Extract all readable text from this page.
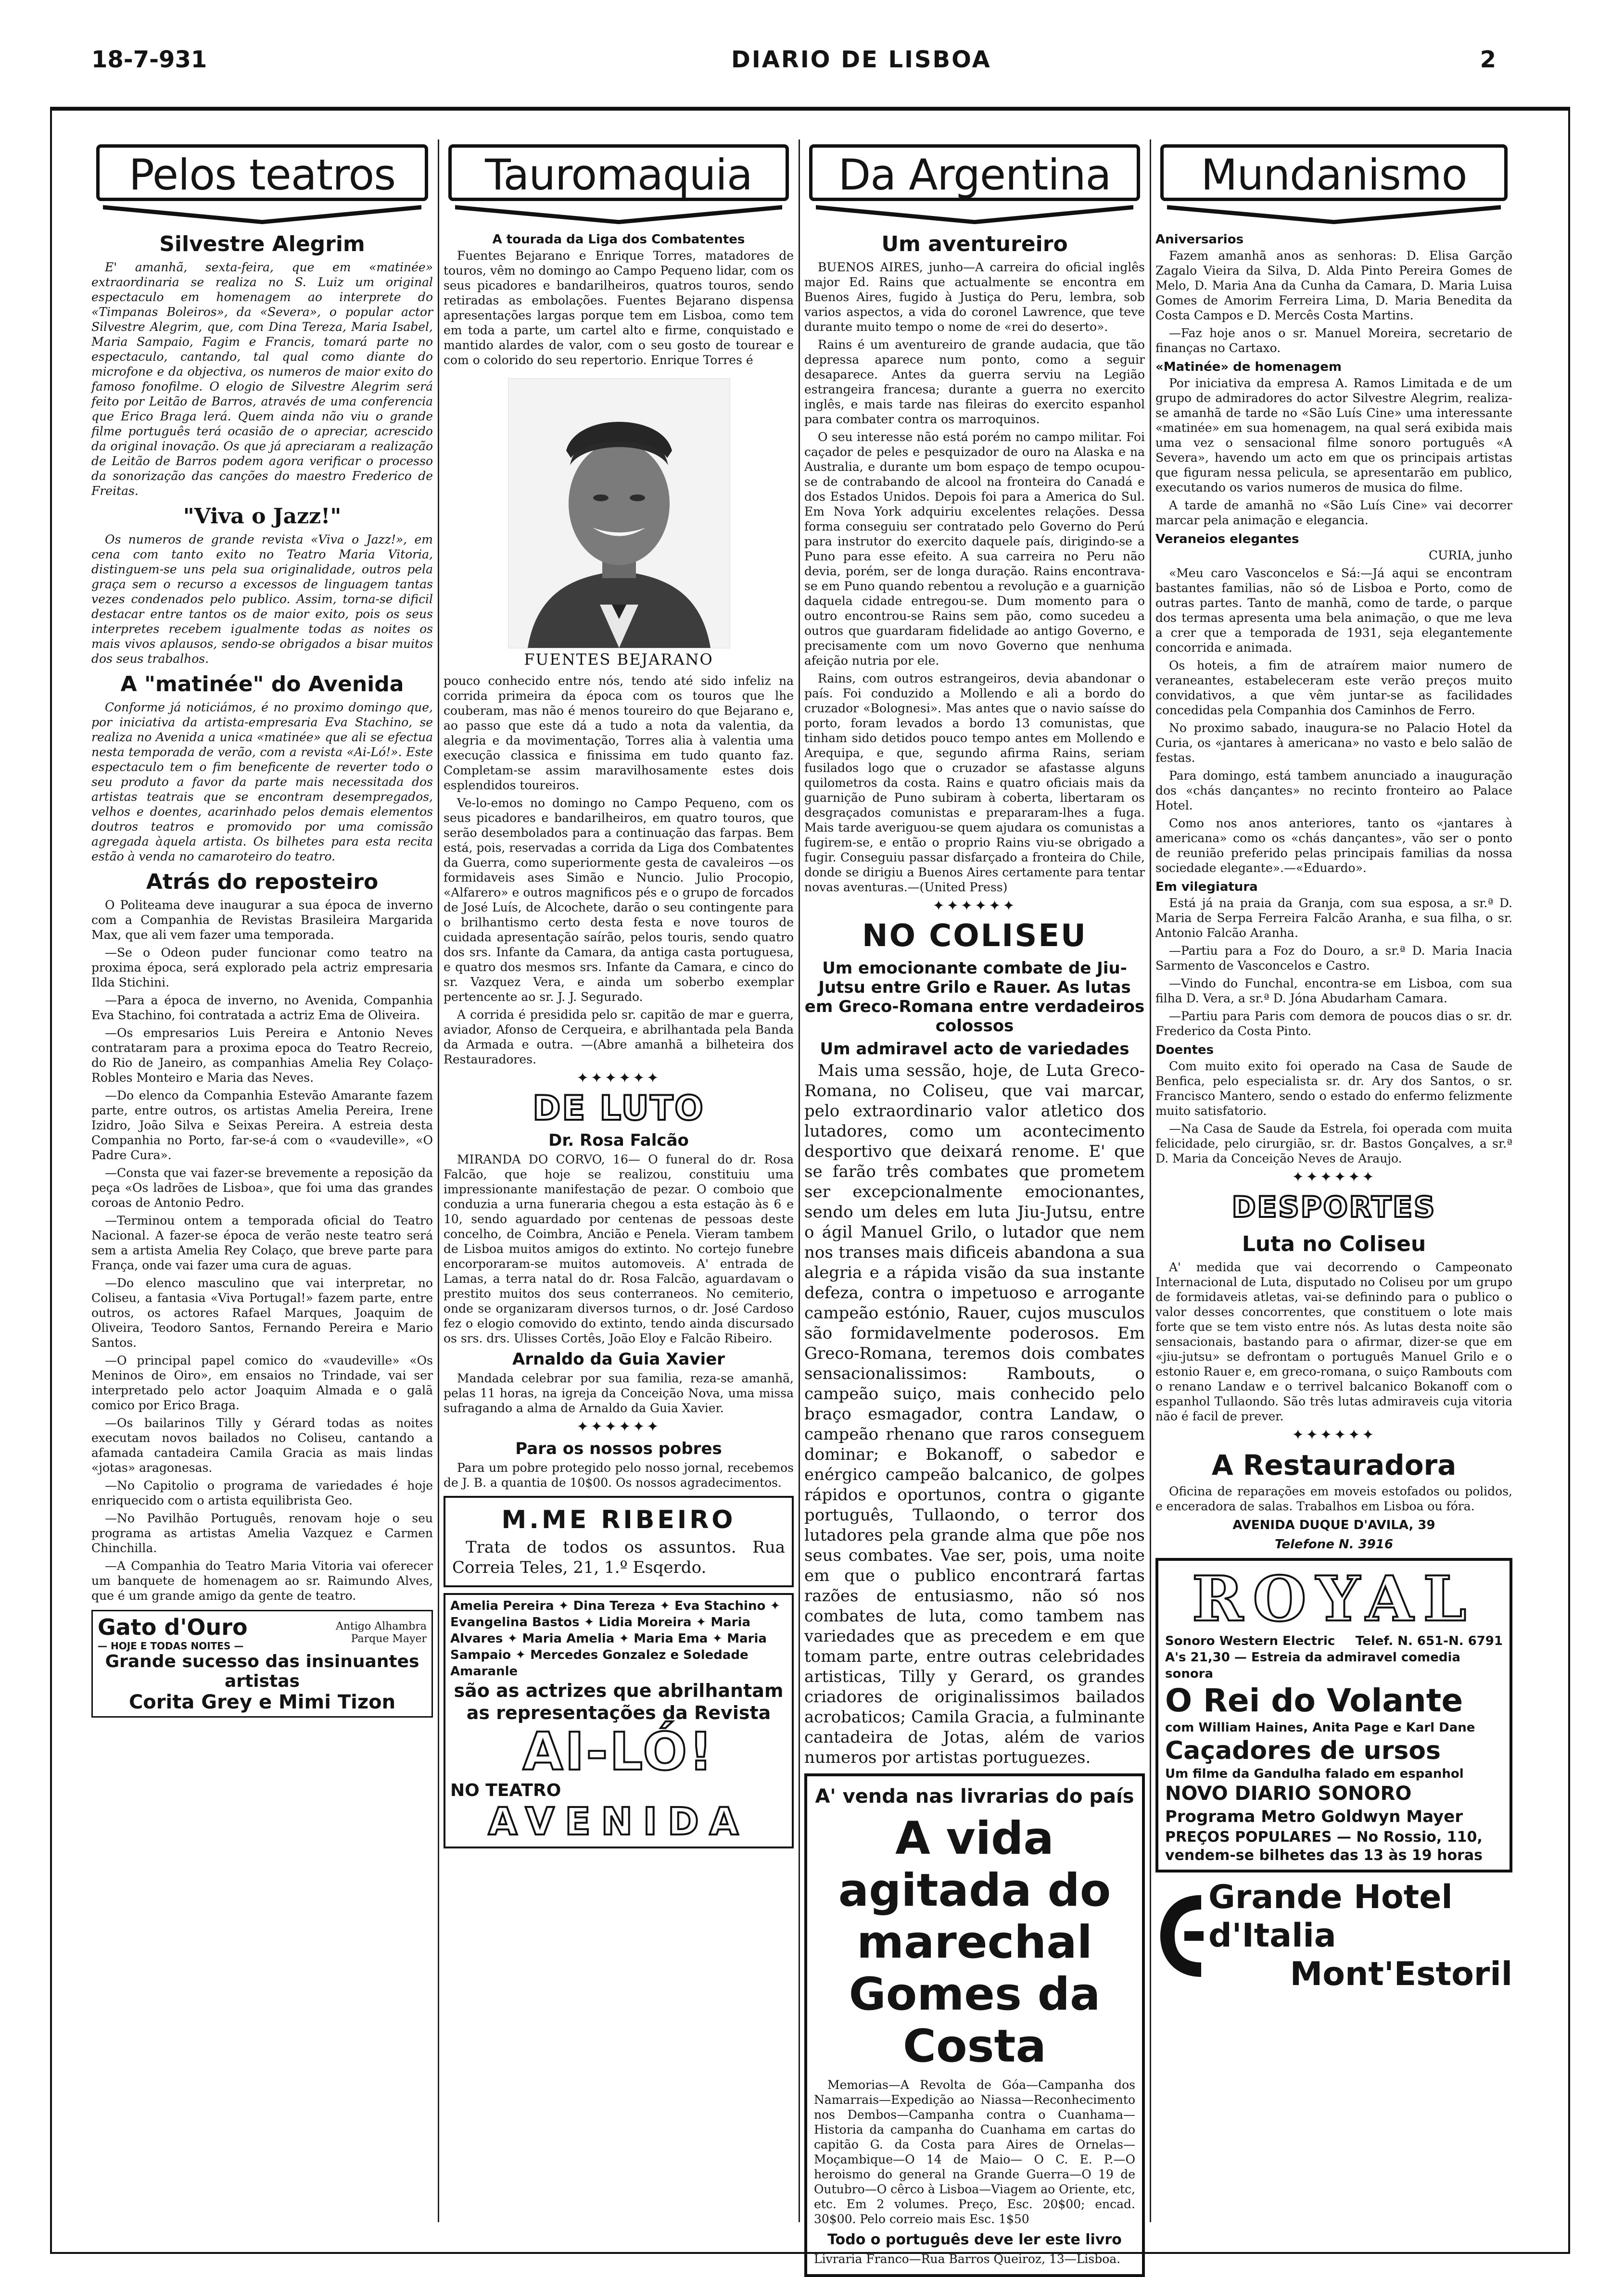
18-7-931	DIARIO DE LISBOA	2
Pelos teatros
Silvestre Alegrim

E' amanhã, sexta-feira, que em «matinée» extraordinaria se realiza no S. Luiz um original espectaculo em homenagem ao interprete do «Timpanas Boleiros», da «Severa», o popular actor Silvestre Alegrim, que, com Dina Tereza, Maria Isabel, Maria Sampaio, Fagim e Francis, tomará parte no espectaculo, cantando, tal qual como diante do microfone e da objectiva, os numeros de maior exito do famoso fonofilme. O elogio de Silvestre Alegrim será feito por Leitão de Barros, através de uma conferencia que Erico Braga lerá. Quem ainda não viu o grande filme português terá ocasião de o apreciar, acrescido da original inovação. Os que já apreciaram a realização de Leitão de Barros podem agora verificar o processo da sonorização das canções do maestro Frederico de Freitas.

"Viva o Jazz!"

Os numeros de grande revista «Viva o Jazz!», em cena com tanto exito no Teatro Maria Vitoria, distinguem-se uns pela sua originalidade, outros pela graça sem o recurso a excessos de linguagem tantas vezes condenados pelo publico. Assim, torna-se dificil destacar entre tantos os de maior exito, pois os seus interpretes recebem igualmente todas as noites os mais vivos aplausos, sendo-se obrigados a bisar muitos dos seus trabalhos.

A "matinée" do Avenida

Conforme já noticiámos, é no proximo domingo que, por iniciativa da artista-empresaria Eva Stachino, se realiza no Avenida a unica «matinée» que ali se efectua nesta temporada de verão, com a revista «Ai-Ló!». Este espectaculo tem o fim beneficente de reverter todo o seu produto a favor da parte mais necessitada dos artistas teatrais que se encontram desempregados, velhos e doentes, acarinhado pelos demais elementos doutros teatros e promovido por uma comissão agregada àquela artista. Os bilhetes para esta recita estão à venda no camaroteiro do teatro.

Atrás do reposteiro

O Politeama deve inaugurar a sua época de inverno com a Companhia de Revistas Brasileira Margarida Max, que ali vem fazer uma temporada.

—Se o Odeon puder funcionar como teatro na proxima época, será explorado pela actriz empresaria Ilda Stichini.

—Para a época de inverno, no Avenida, Companhia Eva Stachino, foi contratada a actriz Ema de Oliveira.

—Os empresarios Luis Pereira e Antonio Neves contrataram para a proxima epoca do Teatro Recreio, do Rio de Janeiro, as companhias Amelia Rey Colaço-Robles Monteiro e Maria das Neves.

—Do elenco da Companhia Estevão Amarante fazem parte, entre outros, os artistas Amelia Pereira, Irene Izidro, João Silva e Seixas Pereira. A estreia desta Companhia no Porto, far-se-á com o «vaudeville», «O Padre Cura».

—Consta que vai fazer-se brevemente a reposição da peça «Os ladrões de Lisboa», que foi uma das grandes coroas de Antonio Pedro.

—Terminou ontem a temporada oficial do Teatro Nacional. A fazer-se época de verão neste teatro será sem a artista Amelia Rey Colaço, que breve parte para França, onde vai fazer uma cura de aguas.

—Do elenco masculino que vai interpretar, no Coliseu, a fantasia «Viva Portugal!» fazem parte, entre outros, os actores Rafael Marques, Joaquim de Oliveira, Teodoro Santos, Fernando Pereira e Mario Santos.

—O principal papel comico do «vaudeville» «Os Meninos de Oiro», em ensaios no Trindade, vai ser interpretado pelo actor Joaquim Almada e o galã comico por Erico Braga.

—Os bailarinos Tilly y Gérard todas as noites executam novos bailados no Coliseu, cantando a afamada cantadeira Camila Gracia as mais lindas «jotas» aragonesas.

—No Capitolio o programa de variedades é hoje enriquecido com o artista equilibrista Geo.

—No Pavilhão Português, renovam hoje o seu programa as artistas Amelia Vazquez e Carmen Chinchilla.

—A Companhia do Teatro Maria Vitoria vai oferecer um banquete de homenagem ao sr. Raimundo Alves, que é um grande amigo da gente de teatro.

Gato d'Ouro
— HOJE E TODAS NOITES —
Antigo Alhambra
Parque Mayer
Grande sucesso das insinuantes artistas
Corita Grey e Mimi Tizon
Tauromaquia
A tourada da Liga dos Combatentes

Fuentes Bejarano e Enrique Torres, matadores de touros, vêm no domingo ao Campo Pequeno lidar, com os seus picadores e bandarilheiros, quatros touros, sendo retiradas as embolações. Fuentes Bejarano dispensa apresentações largas porque tem em Lisboa, como tem em toda a parte, um cartel alto e firme, conquistado e mantido alardes de valor, com o seu gosto de tourear e com o colorido do seu repertorio. Enrique Torres é

FUENTES BEJARANO

pouco conhecido entre nós, tendo até sido infeliz na corrida primeira da época com os touros que lhe couberam, mas não é menos toureiro do que Bejarano e, ao passo que este dá a tudo a nota da valentia, da alegria e da movimentação, Torres alia à valentia uma execução classica e finissima em tudo quanto faz. Completam-se assim maravilhosamente estes dois esplendidos toureiros.

Ve-lo-emos no domingo no Campo Pequeno, com os seus picadores e bandarilheiros, em quatro touros, que serão desembolados para a continuação das farpas. Bem está, pois, reservadas a corrida da Liga dos Combatentes da Guerra, como superiormente gesta de cavaleiros —os formidaveis ases Simão e Nuncio. Julio Procopio, «Alfarero» e outros magnificos pés e o grupo de forcados de José Luís, de Alcochete, darão o seu contingente para o brilhantismo certo desta festa e nove touros de cuidada apresentação saírão, pelos touris, sendo quatro dos srs. Infante da Camara, da antiga casta portuguesa, e quatro dos mesmos srs. Infante da Camara, e cinco do sr. Vazquez Vera, e ainda um soberbo exemplar pertencente ao sr. J. J. Segurado.

A corrida é presidida pelo sr. capitão de mar e guerra, aviador, Afonso de Cerqueira, e abrilhantada pela Banda da Armada e outra. —(Abre amanhã a bilheteira dos Restauradores.

✦✦✦✦✦✦
DE LUTO
Dr. Rosa Falcão

MIRANDA DO CORVO, 16— O funeral do dr. Rosa Falcão, que hoje se realizou, constituiu uma impressionante manifestação de pezar. O comboio que conduzia a urna funeraria chegou a esta estação às 6 e 10, sendo aguardado por centenas de pessoas deste concelho, de Coimbra, Ancião e Penela. Vieram tambem de Lisboa muitos amigos do extinto. No cortejo funebre encorporaram-se muitos automoveis. A' entrada de Lamas, a terra natal do dr. Rosa Falcão, aguardavam o prestito muitos dos seus conterraneos. No cemiterio, onde se organizaram diversos turnos, o dr. José Cardoso fez o elogio comovido do extinto, tendo ainda discursado os srs. drs. Ulisses Cortês, João Eloy e Falcão Ribeiro.

Arnaldo da Guia Xavier

Mandada celebrar por sua familia, reza-se amanhã, pelas 11 horas, na igreja da Conceição Nova, uma missa sufragando a alma de Arnaldo da Guia Xavier.

✦✦✦✦✦✦
Para os nossos pobres

Para um pobre protegido pelo nosso jornal, recebemos de J. B. a quantia de 10$00. Os nossos agradecimentos.

M.ME RIBEIRO

Trata de todos os assuntos. Rua Correia Teles, 21, 1.º Esqerdo.

Amelia Pereira ✦ Dina Tereza ✦ Eva Stachino ✦ Evangelina Bastos ✦ Lidia Moreira ✦ Maria Alvares ✦ Maria Amelia ✦ Maria Ema ✦ Maria Sampaio ✦ Mercedes Gonzalez e Soledade Amaranle
são as actrizes que abrilhantam as representações da Revista
AI-LÓ!
NO TEATRO
AVENIDA
Da Argentina
Um aventureiro

BUENOS AIRES, junho—A carreira do oficial inglês major Ed. Rains que actualmente se encontra em Buenos Aires, fugido à Justiça do Peru, lembra, sob varios aspectos, a vida do coronel Lawrence, que teve durante muito tempo o nome de «rei do deserto».

Rains é um aventureiro de grande audacia, que tão depressa aparece num ponto, como a seguir desaparece. Antes da guerra serviu na Legião estrangeira francesa; durante a guerra no exercito inglês, e mais tarde nas fileiras do exercito espanhol para combater contra os marroquinos.

O seu interesse não está porém no campo militar. Foi caçador de peles e pesquizador de ouro na Alaska e na Australia, e durante um bom espaço de tempo ocupou-se de contrabando de alcool na fronteira do Canadá e dos Estados Unidos. Depois foi para a America do Sul. Em Nova York adquiriu excelentes relações. Dessa forma conseguiu ser contratado pelo Governo do Perú para instrutor do exercito daquele país, dirigindo-se a Puno para esse efeito. A sua carreira no Peru não devia, porém, ser de longa duração. Rains encontrava-se em Puno quando rebentou a revolução e a guarnição daquela cidade entregou-se. Dum momento para o outro encontrou-se Rains sem pão, como sucedeu a outros que guardaram fidelidade ao antigo Governo, e precisamente com um novo Governo que nenhuma afeição nutria por ele.

Rains, com outros estrangeiros, devia abandonar o país. Foi conduzido a Mollendo e ali a bordo do cruzador «Bolognesi». Mas antes que o navio saísse do porto, foram levados a bordo 13 comunistas, que tinham sido detidos pouco tempo antes em Mollendo e Arequipa, e que, segundo afirma Rains, seriam fusilados logo que o cruzador se afastasse alguns quilometros da costa. Rains e quatro oficiais mais da guarnição de Puno subiram à coberta, libertaram os desgraçados comunistas e prepararam-lhes a fuga. Mais tarde averiguou-se quem ajudara os comunistas a fugirem-se, e então o proprio Rains viu-se obrigado a fugir. Conseguiu passar disfarçado a fronteira do Chile, donde se dirigiu a Buenos Aires certamente para tentar novas aventuras.—(United Press)

✦✦✦✦✦✦
NO COLISEU
Um emocionante combate de Jiu-Jutsu entre Grilo e Rauer. As lutas em Greco-Romana entre verdadeiros colossos
Um admiravel acto de variedades

Mais uma sessão, hoje, de Luta Greco-Romana, no Coliseu, que vai marcar, pelo extraordinario valor atletico dos lutadores, como um acontecimento desportivo que deixará renome. E' que se farão três combates que prometem ser excepcionalmente emocionantes, sendo um deles em luta Jiu-Jutsu, entre o ágil Manuel Grilo, o lutador que nem nos transes mais dificeis abandona a sua alegria e a rápida visão da sua instante defeza, contra o impetuoso e arrogante campeão estónio, Rauer, cujos musculos são formidavelmente poderosos. Em Greco-Romana, teremos dois combates sensacionalissimos: Rambouts, o campeão suiço, mais conhecido pelo braço esmagador, contra Landaw, o campeão rhenano que raros conseguem dominar; e Bokanoff, o sabedor e enérgico campeão balcanico, de golpes rápidos e oportunos, contra o gigante português, Tullaondo, o terror dos lutadores pela grande alma que põe nos seus combates. Vae ser, pois, uma noite em que o publico encontrará fartas razões de entusiasmo, não só nos combates de luta, como tambem nas variedades que as precedem e em que tomam parte, entre outras celebridades artisticas, Tilly y Gerard, os grandes criadores de originalissimos bailados acrobaticos; Camila Gracia, a fulminante cantadeira de Jotas, além de varios numeros por artistas portuguezes.

A' venda nas livrarias do país
A vida agitada do marechal Gomes da Costa

Memorias—A Revolta de Góa—Campanha dos Namarrais—Expedição ao Niassa—Reconhecimento nos Dembos—Campanha contra o Cuanhama—Historia da campanha do Cuanhama em cartas do capitão G. da Costa para Aires de Ornelas—Moçambique—O 14 de Maio— O C. E. P.—O heroismo do general na Grande Guerra—O 19 de Outubro—O cêrco à Lisboa—Viagem ao Oriente, etc, etc. Em 2 volumes. Preço, Esc. 20$00; encad. 30$00. Pelo correio mais Esc. 1$50

Todo o português deve ler este livro

Livraria Franco—Rua Barros Queiroz, 13—Lisboa.

Mundanismo
Aniversarios

Fazem amanhã anos as senhoras: D. Elisa Garção Zagalo Vieira da Silva, D. Alda Pinto Pereira Gomes de Melo, D. Maria Ana da Cunha da Camara, D. Maria Luisa Gomes de Amorim Ferreira Lima, D. Maria Benedita da Costa Campos e D. Mercês Costa Martins.

—Faz hoje anos o sr. Manuel Moreira, secretario de finanças no Cartaxo.

«Matinée» de homenagem

Por iniciativa da empresa A. Ramos Limitada e de um grupo de admiradores do actor Silvestre Alegrim, realiza-se amanhã de tarde no «São Luís Cine» uma interessante «matinée» em sua homenagem, na qual será exibida mais uma vez o sensacional filme sonoro português «A Severa», havendo um acto em que os principais artistas que figuram nessa pelicula, se apresentarão em publico, executando os varios numeros de musica do filme.

A tarde de amanhã no «São Luís Cine» vai decorrer marcar pela animação e elegancia.

Veraneios elegantes

CURIA, junho

«Meu caro Vasconcelos e Sá:—Já aqui se encontram bastantes familias, não só de Lisboa e Porto, como de outras partes. Tanto de manhã, como de tarde, o parque dos termas apresenta uma bela animação, o que me leva a crer que a temporada de 1931, seja elegantemente concorrida e animada.

Os hoteis, a fim de atraírem maior numero de veraneantes, estabeleceram este verão preços muito convidativos, a que vêm juntar-se as facilidades concedidas pela Companhia dos Caminhos de Ferro.

No proximo sabado, inaugura-se no Palacio Hotel da Curia, os «jantares à americana» no vasto e belo salão de festas.

Para domingo, está tambem anunciado a inauguração dos «chás dançantes» no recinto fronteiro ao Palace Hotel.

Como nos anos anteriores, tanto os «jantares à americana» como os «chás dançantes», vão ser o ponto de reunião preferido pelas principais familias da nossa sociedade elegante».—«Eduardo».

Em vilegiatura

Está já na praia da Granja, com sua esposa, a sr.ª D. Maria de Serpa Ferreira Falcão Aranha, e sua filha, o sr. Antonio Falcão Aranha.

—Partiu para a Foz do Douro, a sr.ª D. Maria Inacia Sarmento de Vasconcelos e Castro.

—Vindo do Funchal, encontra-se em Lisboa, com sua filha D. Vera, a sr.ª D. Jóna Abudarham Camara.

—Partiu para Paris com demora de poucos dias o sr. dr. Frederico da Costa Pinto.

Doentes

Com muito exito foi operado na Casa de Saude de Benfica, pelo especialista sr. dr. Ary dos Santos, o sr. Francisco Mantero, sendo o estado do enfermo felizmente muito satisfatorio.

—Na Casa de Saude da Estrela, foi operada com muita felicidade, pelo cirurgião, sr. dr. Bastos Gonçalves, a sr.ª D. Maria da Conceição Neves de Araujo.

✦✦✦✦✦✦
DESPORTES
Luta no Coliseu

A' medida que vai decorrendo o Campeonato Internacional de Luta, disputado no Coliseu por um grupo de formidaveis atletas, vai-se definindo para o publico o valor desses concorrentes, que constituem o lote mais forte que se tem visto entre nós. As lutas desta noite são sensacionais, bastando para o afirmar, dizer-se que em «jiu-jutsu» se defrontam o português Manuel Grilo e o estonio Rauer e, em greco-romana, o suiço Rambouts com o renano Landaw e o terrivel balcanico Bokanoff com o espanhol Tullaondo. São três lutas admiraveis cuja vitoria não é facil de prever.

✦✦✦✦✦✦
A Restauradora

Oficina de reparações em moveis estofados ou polidos, e enceradora de salas. Trabalhos em Lisboa ou fóra.

AVENIDA DUQUE D'AVILA, 39
Telefone N. 3916
ROYAL
Sonoro Western Electric Telef. N. 651-N. 6791
A's 21,30 — Estreia da admiravel comedia sonora
O Rei do Volante
com William Haines, Anita Page e Karl Dane
Caçadores de ursos
Um filme da Gandulha falado em espanhol
NOVO DIARIO SONORO
Programa Metro Goldwyn Mayer
PREÇOS POPULARES — No Rossio, 110, vendem-se bilhetes das 13 às 19 horas
Grande Hotel d'Italia
Mont'Estoril
